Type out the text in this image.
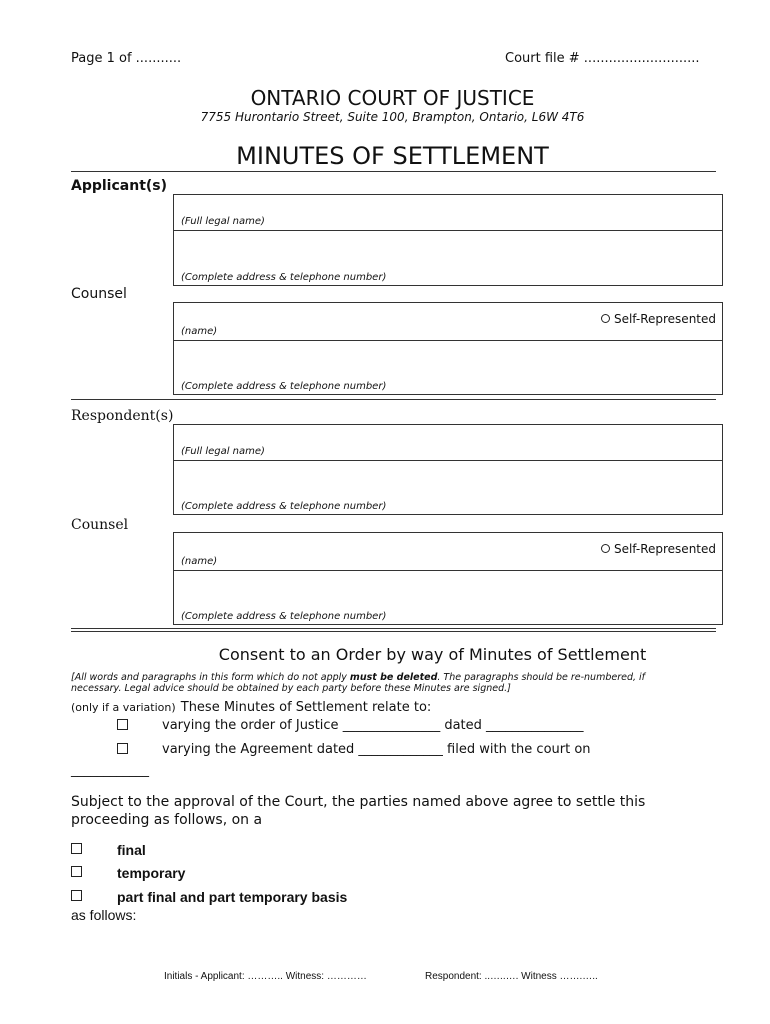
Page 1 of ...........	Court file # ............................
ONTARIO COURT OF JUSTICE
7755 Hurontario Street, Suite 100, Brampton, Ontario, L6W 4T6
MINUTES OF SETTLEMENT
Applicant(s)
(Full legal name)
(Complete address & telephone number)
Counsel
Self-Represented
(name)
(Complete address & telephone number)
Respondent(s)
(Full legal name)
(Complete address & telephone number)
Counsel
Self-Represented
(name)
(Complete address & telephone number)
Consent to an Order by way of Minutes of Settlement
[All words and paragraphs in this form which do not apply must be deleted. The paragraphs should be re-numbered, if
necessary. Legal advice should be obtained by each party before these Minutes are signed.]
(only if a variation) These Minutes of Settlement relate to:
varying the order of Justice _______________ dated _______________
varying the Agreement dated _____________ filed with the court on
____________
Subject to the approval of the Court, the parties named above agree to settle this
proceeding as follows, on a
final
temporary
part final and part temporary basis
as follows:
Initials - Applicant: ……….. Witness: …………	Respondent: ..…..…. Witness …….…..
